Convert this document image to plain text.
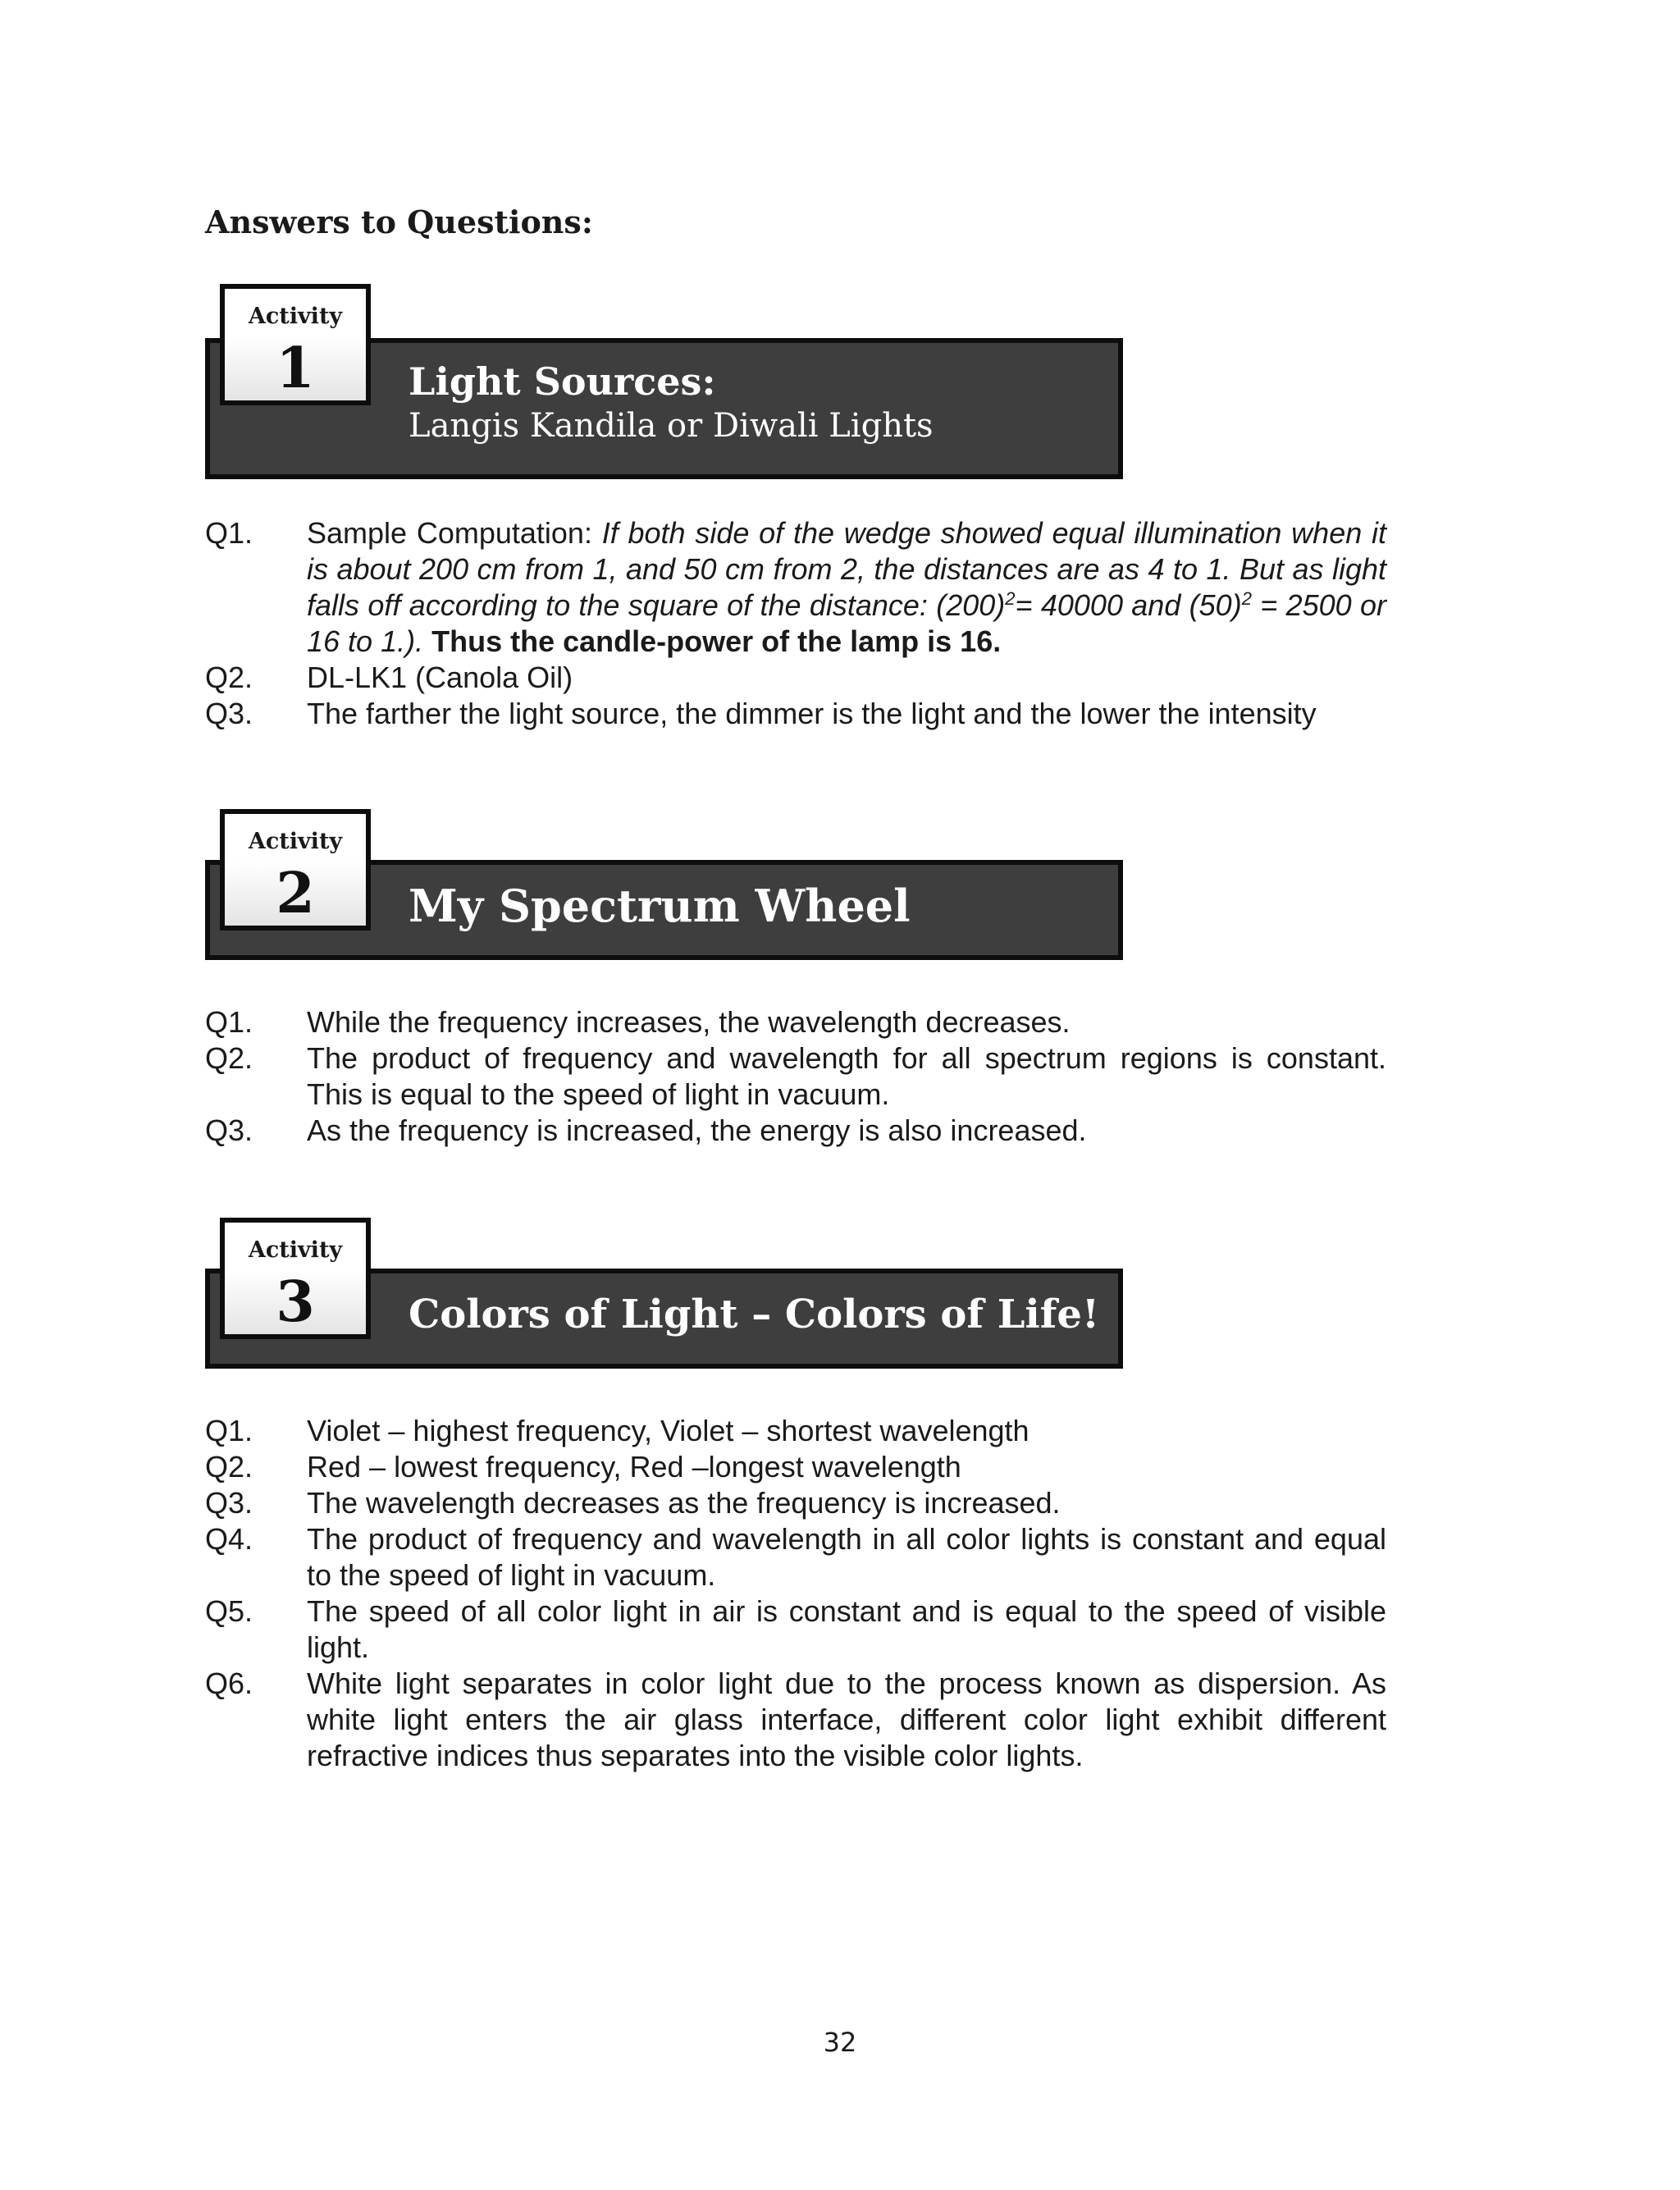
Answers to Questions:
Activity
1	Light Sources:
Langis Kandila or Diwali Lights
Q1.	Sample Computation: If both side of the wedge showed equal illumination when it is about 200 cm from 1, and 50 cm from 2, the distances are as 4 to 1. But as light falls off according to the square of the distance: $(200)^2= 40000$ and $(50)^2 = 2500$ or 16 to 1.). Thus the candle-power of the lamp is 16.
Q2.	DL-LK1 (Canola Oil)
Q3.	The farther the light source, the dimmer is the light and the lower the intensity
Activity
2	My Spectrum Wheel
Q1.	While the frequency increases, the wavelength decreases.
Q2.	The product of frequency and wavelength for all spectrum regions is constant. This is equal to the speed of light in vacuum.
Q3.	As the frequency is increased, the energy is also increased.
Activity
3	Colors of Light – Colors of Life!
Q1.	Violet – highest frequency, Violet – shortest wavelength
Q2.	Red – lowest frequency, Red –longest wavelength
Q3.	The wavelength decreases as the frequency is increased.
Q4.	The product of frequency and wavelength in all color lights is constant and equal to the speed of light in vacuum.
Q5.	The speed of all color light in air is constant and is equal to the speed of visible light.
Q6.	White light separates in color light due to the process known as dispersion. As white light enters the air glass interface, different color light exhibit different refractive indices thus separates into the visible color lights.
32
